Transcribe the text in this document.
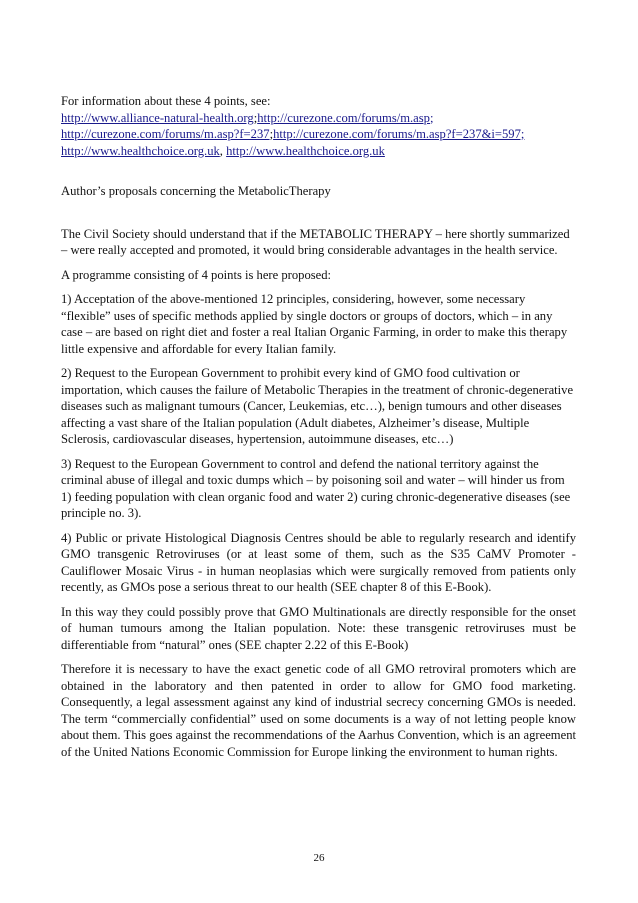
For information about these 4 points, see:

http://www.alliance-natural-health.org;http://curezone.com/forums/m.asp;
http://curezone.com/forums/m.asp?f=237;http://curezone.com/forums/m.asp?f=237&i=597;
http://www.healthchoice.org.uk, http://www.healthchoice.org.uk

Author’s proposals concerning the MetabolicTherapy

The Civil Society should understand that if the METABOLIC THERAPY – here shortly summarized – were really accepted and promoted, it would bring considerable advantages in the health service.

A programme consisting of 4 points is here proposed:

1) Acceptation of the above-mentioned 12 principles, considering, however, some necessary “flexible” uses of specific methods applied by single doctors or groups of doctors, which – in any case – are based on right diet and foster a real Italian Organic Farming, in order to make this therapy little expensive and affordable for every Italian family.

2) Request to the European Government to prohibit every kind of GMO food cultivation or importation, which causes the failure of Metabolic Therapies in the treatment of chronic-degenerative diseases such as malignant tumours (Cancer, Leukemias, etc…), benign tumours and other diseases affecting a vast share of the Italian population (Adult diabetes, Alzheimer’s disease, Multiple Sclerosis, cardiovascular diseases, hypertension, autoimmune diseases, etc…)

3) Request to the European Government to control and defend the national territory against the criminal abuse of illegal and toxic dumps which – by poisoning soil and water – will hinder us from 1) feeding population with clean organic food and water 2) curing chronic-degenerative diseases (see principle no. 3).

4) Public or private Histological Diagnosis Centres should be able to regularly research and identify GMO transgenic Retroviruses (or at least some of them, such as the S35 CaMV Promoter - Cauliflower Mosaic Virus - in human neoplasias which were surgically removed from patients only recently, as GMOs pose a serious threat to our health (SEE chapter 8 of this E-Book).

In this way they could possibly prove that GMO Multinationals are directly responsible for the onset of human tumours among the Italian population. Note: these transgenic retroviruses must be differentiable from “natural” ones (SEE chapter 2.22 of this E-Book)

Therefore it is necessary to have the exact genetic code of all GMO retroviral promoters which are obtained in the laboratory and then patented in order to allow for GMO food marketing. Consequently, a legal assessment against any kind of industrial secrecy concerning GMOs is needed. The term “commercially confidential” used on some documents is a way of not letting people know about them. This goes against the recommendations of the Aarhus Convention, which is an agreement of the United Nations Economic Commission for Europe linking the environment to human rights.

26
